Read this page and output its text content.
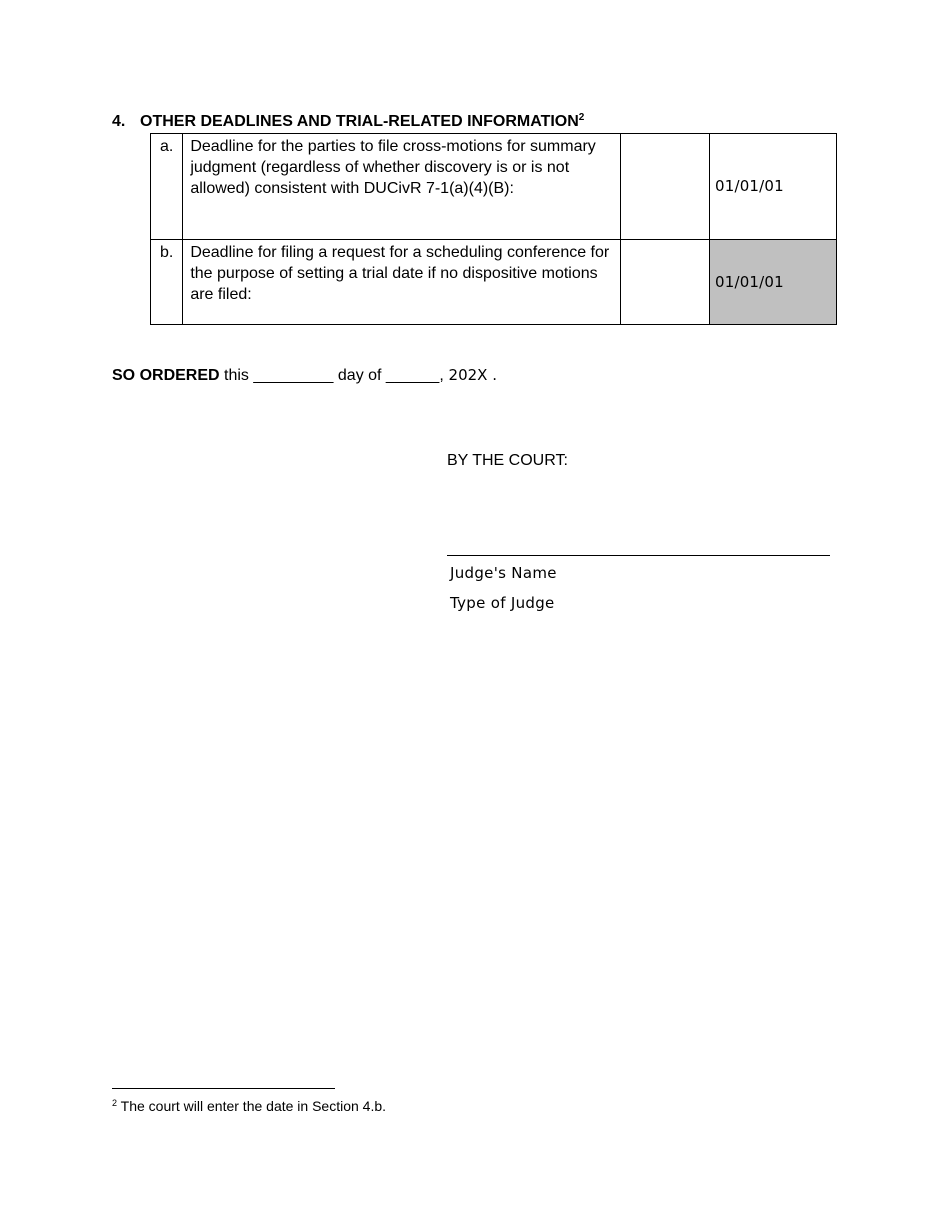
4. OTHER DEADLINES AND TRIAL-RELATED INFORMATION$^2$
a.	Deadline for the parties to file cross-motions for summary judgment (regardless of whether discovery is or is not allowed) consistent with DUCivR 7-1(a)(4)(B):		01/01/01
b.	Deadline for filing a request for a scheduling conference for the purpose of setting a trial date if no dispositive motions are filed:		01/01/01
SO ORDERED this _________ day of ______, 202X .
BY THE COURT:
Judge's Name
Type of Judge
$^2$ The court will enter the date in Section 4.b.
